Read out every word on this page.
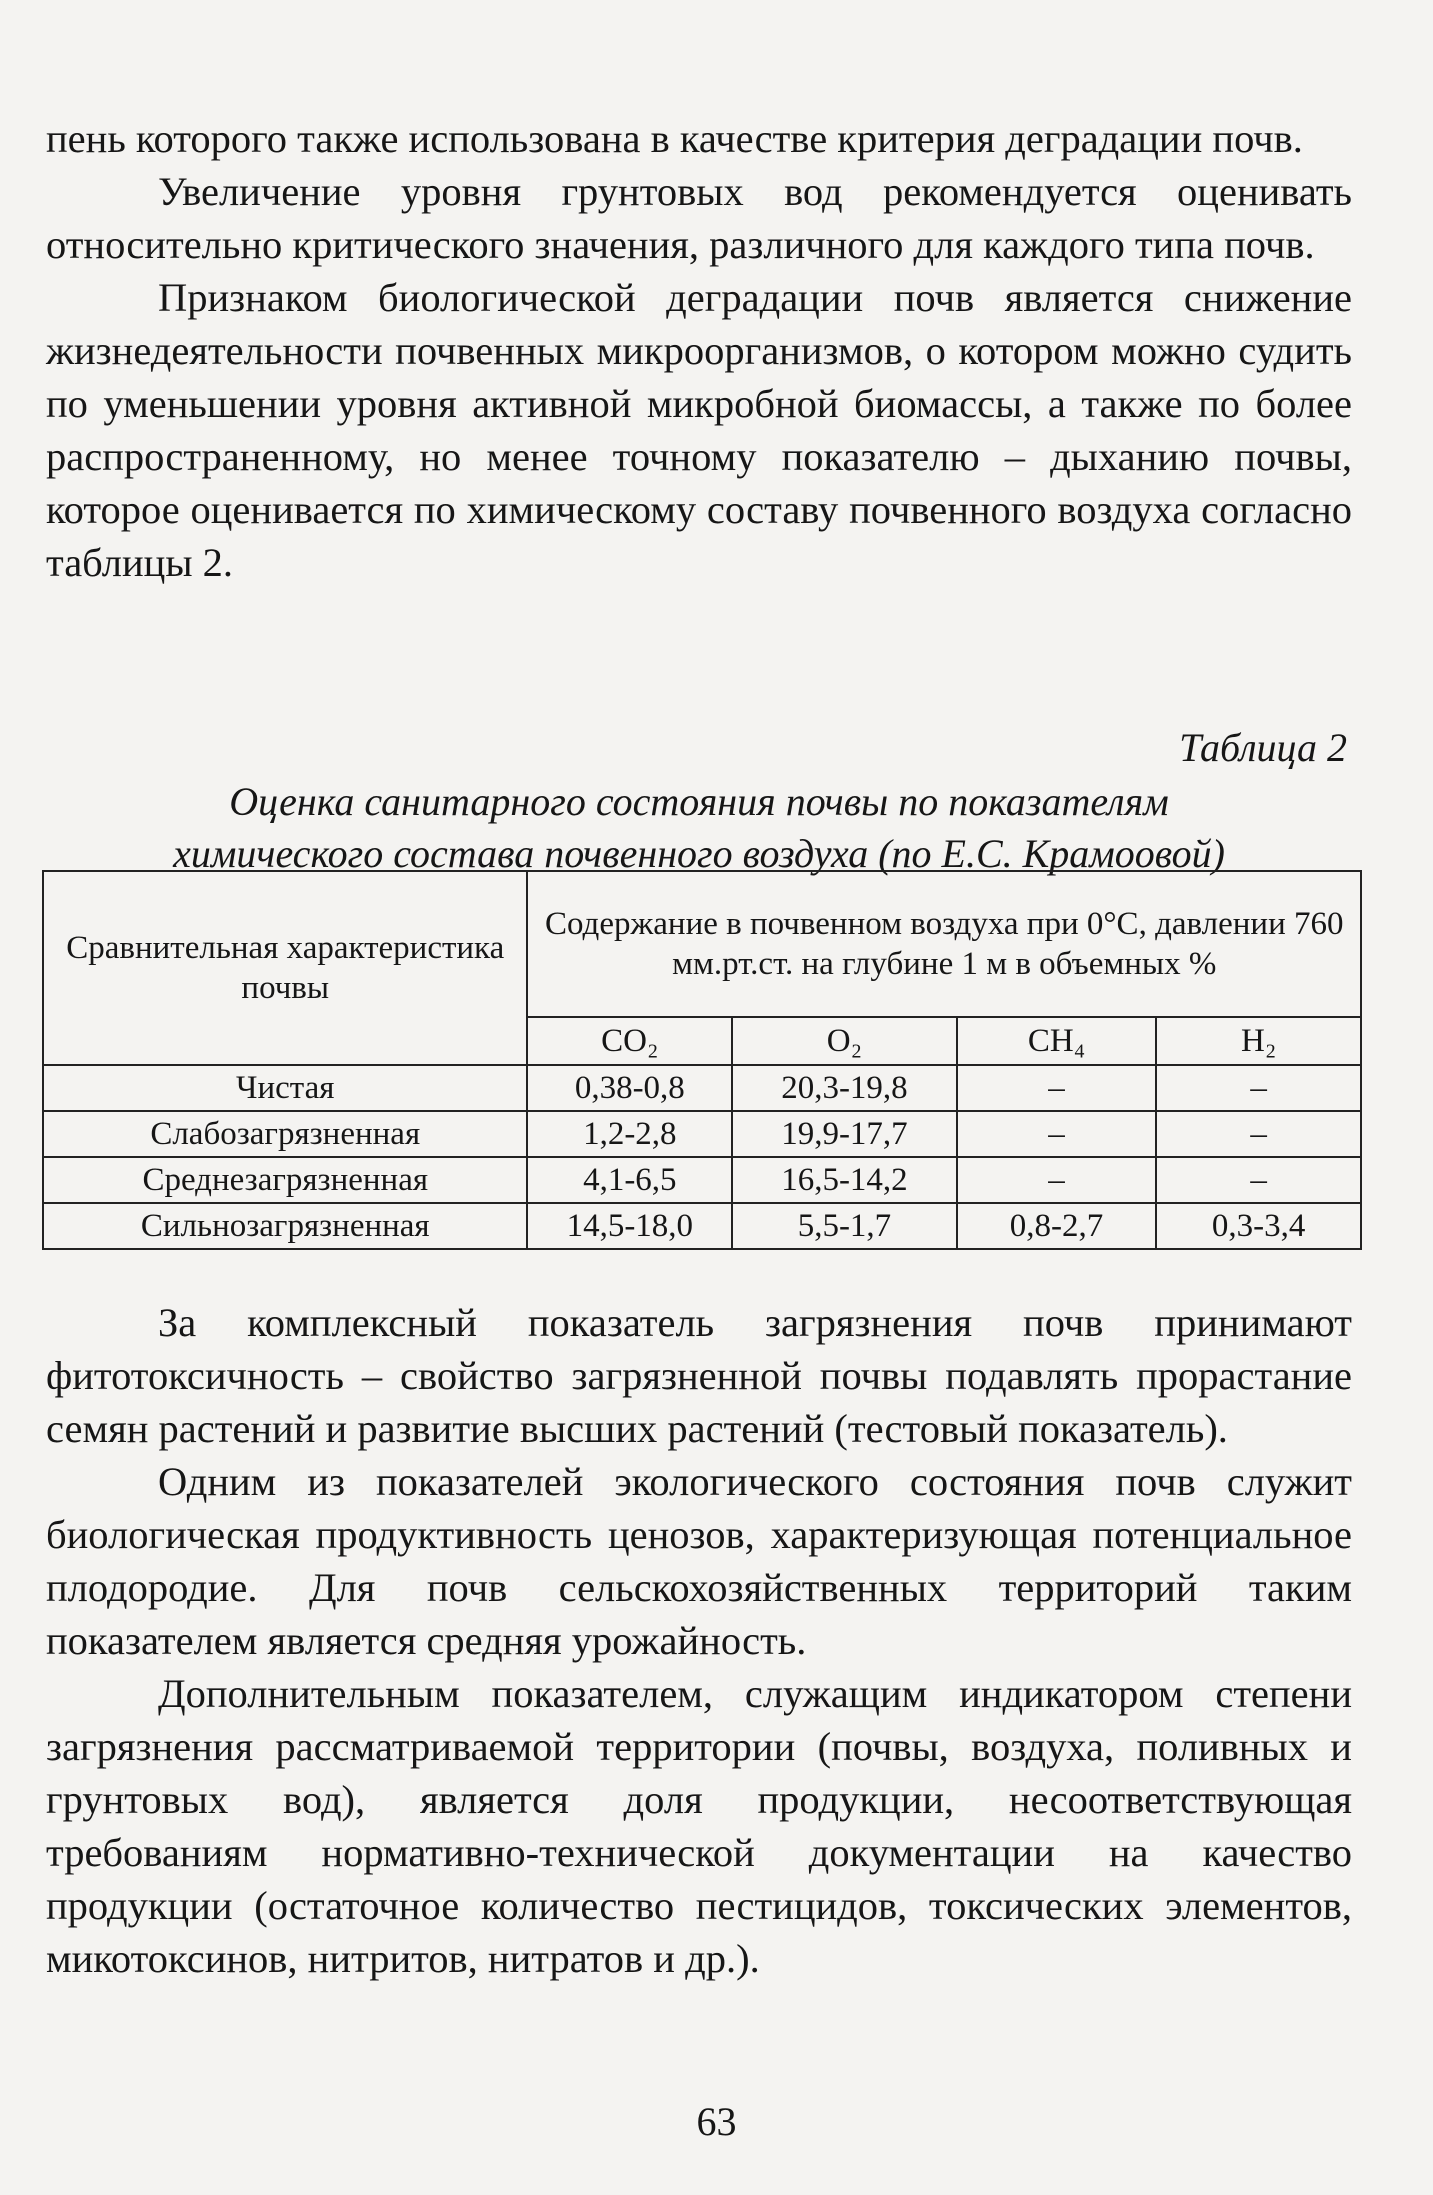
пень которого также использована в качестве критерия деградации почв.

Увеличение уровня грунтовых вод рекомендуется оценивать относительно критического значения, различного для каждого типа почв.

Признаком биологической деградации почв является снижение жизнедеятельности почвенных микроорганизмов, о котором можно судить по уменьшении уровня активной микробной биомассы, а также по более распространенному, но менее точному показателю – дыханию почвы, которое оценивается по химическому составу почвенного воздуха согласно таблицы 2.

Таблица 2
Оценка санитарного состояния почвы по показателям
химического состава почвенного воздуха (по Е.С. Крамоовой)
Сравнительная характеристика почвы	Содержание в почвенном воздуха при 0°С, давлении 760 мм.рт.ст. на глубине 1 м в объемных %			
	CO₂	O₂	CH₄	H₂
Чистая	0,38-0,8	20,3-19,8	–	–
Слабозагрязненная	1,2-2,8	19,9-17,7	–	–
Среднезагрязненная	4,1-6,5	16,5-14,2	–	–
Сильнозагрязненная	14,5-18,0	5,5-1,7	0,8-2,7	0,3-3,4

За комплексный показатель загрязнения почв принимают фитотоксичность – свойство загрязненной почвы подавлять прорастание семян растений и развитие высших растений (тестовый показатель).

Одним из показателей экологического состояния почв служит биологическая продуктивность ценозов, характеризующая потенциальное плодородие. Для почв сельскохозяйственных территорий таким показателем является средняя урожайность.

Дополнительным показателем, служащим индикатором степени загрязнения рассматриваемой территории (почвы, воздуха, поливных и грунтовых вод), является доля продукции, несоответствующая требованиям нормативно-технической документации на качество продукции (остаточное количество пестицидов, токсических элементов, микотоксинов, нитритов, нитратов и др.).

63
